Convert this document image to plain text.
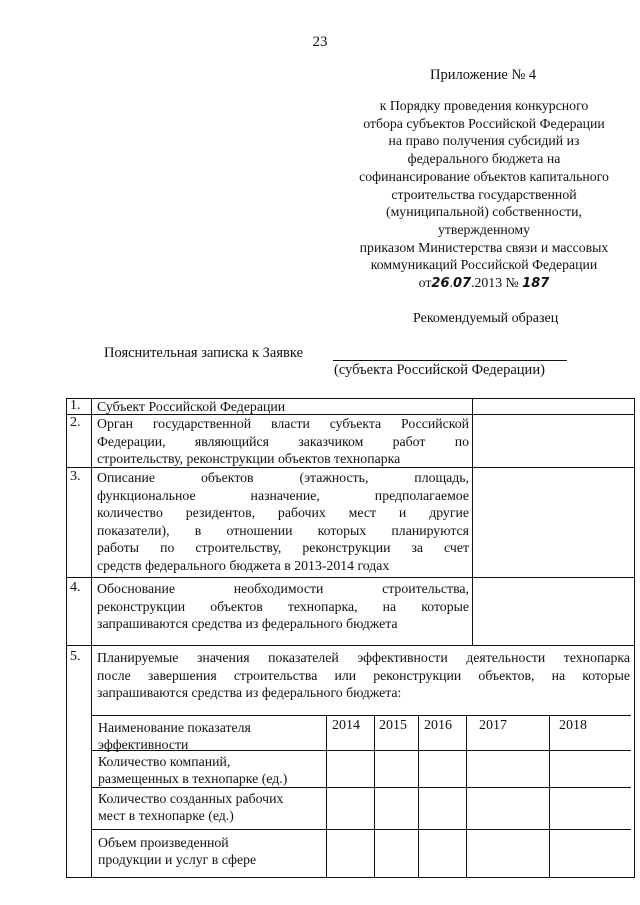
23
Приложение № 4
к Порядку проведения конкурсного
отбора субъектов Российской Федерации
на право получения субсидий из
федерального бюджета на
софинансирование объектов капитального
строительства государственной
(муниципальной) собственности,
утвержденному
приказом Министерства связи и массовых
коммуникаций Российской Федерации
от26.07.2013 № 187
Рекомендуемый образец
Пояснительная записка к Заявке
(субъекта Российской Федерации)
1. Субъект Российской Федерации
2. Орган государственной власти субъекта Российской
Федерации, являющийся заказчиком работ по
строительству, реконструкции объектов технопарка
3. Описание объектов (этажность, площадь,
функциональное назначение, предполагаемое
количество резидентов, рабочих мест и другие
показатели), в отношении которых планируются
работы по строительству, реконструкции за счет
средств федерального бюджета в 2013-2014 годах
4. Обоснование необходимости строительства,
реконструкции объектов технопарка, на которые
запрашиваются средства из федерального бюджета
5. Планируемые значения показателей эффективности деятельности технопарка
после завершения строительства или реконструкции объектов, на которые
запрашиваются средства из федерального бюджета:
Наименование показателя
эффективности
2014 2015 2016 2017	2018
Количество компаний,
размещенных в технопарке (ед.)
Количество созданных рабочих
мест в технопарке (ед.)
Объем произведенной
продукции и услуг в сфере
